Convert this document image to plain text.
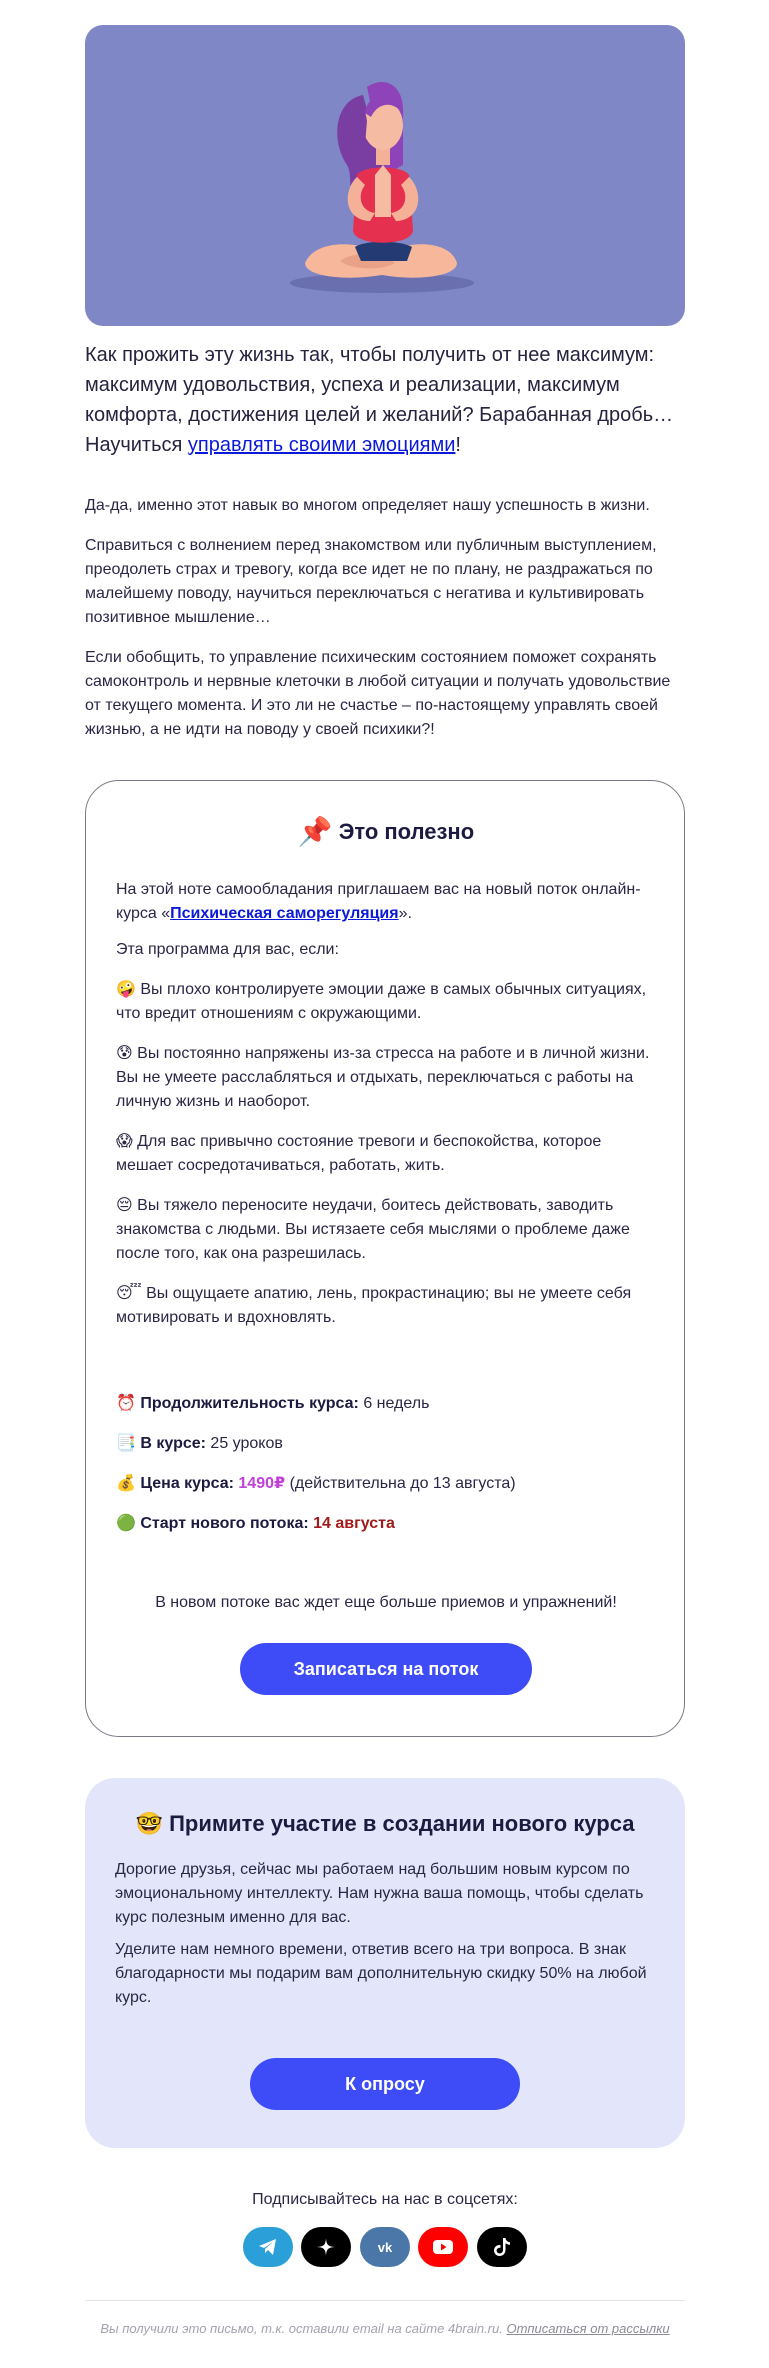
Как прожить эту жизнь так, чтобы получить от нее максимум: максимум удовольствия, успеха и реализации, максимум комфорта, достижения целей и желаний? Барабанная дробь… Научиться управлять своими эмоциями!

Да-да, именно этот навык во многом определяет нашу успешность в жизни.

Справиться с волнением перед знакомством или публичным выступлением, преодолеть страх и тревогу, когда все идет не по плану, не раздражаться по малейшему поводу, научиться переключаться с негатива и культивировать позитивное мышление…

Если обобщить, то управление психическим состоянием поможет сохранять самоконтроль и нервные клеточки в любой ситуации и получать удовольствие от текущего момента. И это ли не счастье – по-настоящему управлять своей жизнью, а не идти на поводу у своей психики?!

📌 Это полезно

На этой ноте самообладания приглашаем вас на новый поток онлайн-курса «Психическая саморегуляция».

Эта программа для вас, если:

🤪 Вы плохо контролируете эмоции даже в самых обычных ситуациях, что вредит отношениям с окружающими.

😰 Вы постоянно напряжены из-за стресса на работе и в личной жизни. Вы не умеете расслабляться и отдыхать, переключаться с работы на личную жизнь и наоборот.

😱 Для вас привычно состояние тревоги и беспокойства, которое мешает сосредотачиваться, работать, жить.

😔 Вы тяжело переносите неудачи, боитесь действовать, заводить знакомства с людьми. Вы истязаете себя мыслями о проблеме даже после того, как она разрешилась.

😴 Вы ощущаете апатию, лень, прокрастинацию; вы не умеете себя мотивировать и вдохновлять.

⏰ Продолжительность курса: 6 недель

📑 В курсе: 25 уроков

💰 Цена курса: 1490₽ (действительна до 13 августа)

🟢 Старт нового потока: 14 августа

В новом потоке вас ждет еще больше приемов и упражнений!

Записаться на поток
🤓 Примите участие в создании нового курса

Дорогие друзья, сейчас мы работаем над большим новым курсом по эмоциональному интеллекту. Нам нужна ваша помощь, чтобы сделать курс полезным именно для вас.

Уделите нам немного времени, ответив всего на три вопроса. В знак благодарности мы подарим вам дополнительную скидку 50% на любой курс.

К опросу
Подписывайтесь на нас в соцсетях:
vk
Вы получили это письмо, т.к. оставили email на сайте 4brain.ru. Отписаться от рассылки
